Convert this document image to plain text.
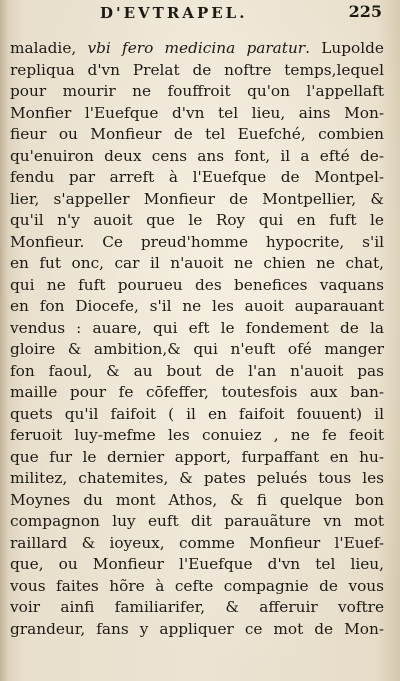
D'EVTRAPEL.	225
maladie, vbi fero medicina paratur. Lupolde
repliqua d'vn Prelat de noftre temps,lequel
pour mourir ne fouffroit qu'on l'appellaft
Monfier l'Euefque d'vn tel lieu, ains Mon-
fieur ou Monfieur de tel Euefché, combien
qu'enuiron deux cens ans font, il a efté de-
fendu par arreft à l'Euefque de Montpel-
lier, s'appeller Monfieur de Montpellier, &
qu'il n'y auoit que le Roy qui en fuft le
Monfieur. Ce preud'homme hypocrite, s'il
en fut onc, car il n'auoit ne chien ne chat,
qui ne fuft pourueu des benefices vaquans
en fon Diocefe, s'il ne les auoit auparauant
vendus : auare, qui eft le fondement de la
gloire & ambition,& qui n'euft ofé manger
fon faoul, & au bout de l'an n'auoit pas
maille pour fe cōfeffer, toutesfois aux ban-
quets qu'il faifoit ( il en faifoit fouuent) il
feruoit luy-mefme les conuiez , ne fe feoit
que fur le dernier apport, furpaffant en hu-
militez, chatemites, & pates pelués tous les
Moynes du mont Athos, & fi quelque bon
compagnon luy euft dit parauãture vn mot
raillard & ioyeux, comme Monfieur l'Euef-
que, ou Monfieur l'Euefque d'vn tel lieu,
vous faites hõre à cefte compagnie de vous
voir ainfi familiarifer, & afferuir voftre
grandeur, fans y appliquer ce mot de Mon-
